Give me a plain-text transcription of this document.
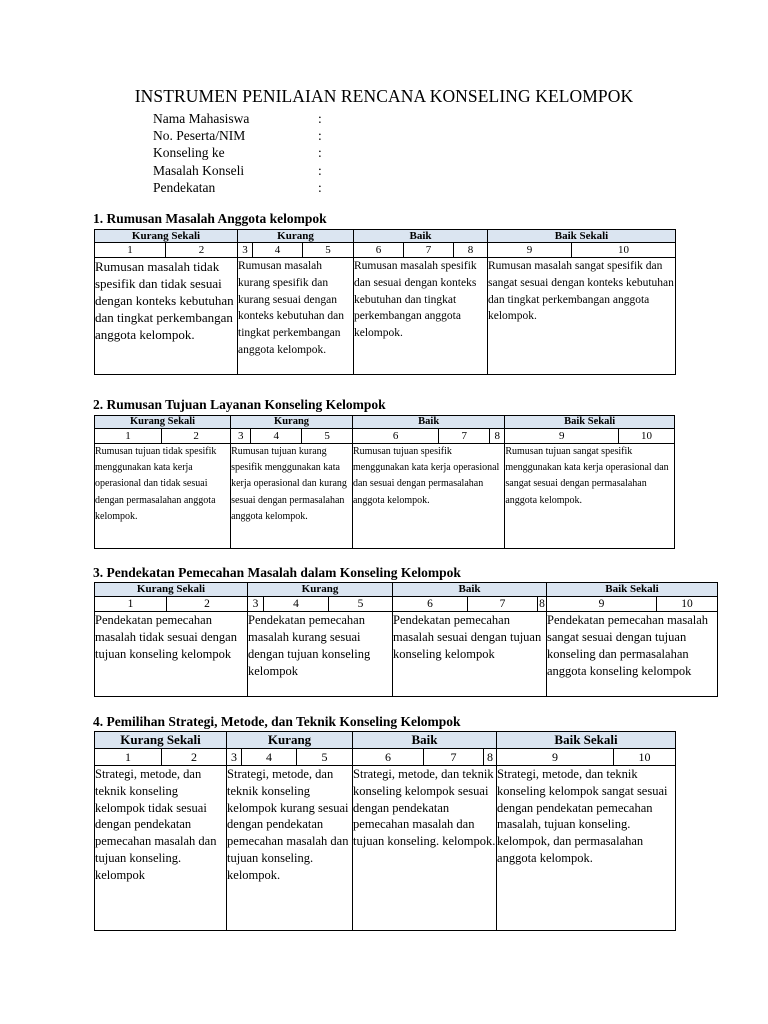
INSTRUMEN PENILAIAN RENCANA KONSELING KELOMPOK
Nama Mahasiswa	:
No. Peserta/NIM	:
Konseling ke	:
Masalah Konseli	:
Pendekatan	:
1. Rumusan Masalah Anggota kelompok
Kurang Sekali		Kurang			Baik			Baik Sekali	
1	2	3	4	5	6	7	8	9	10
Rumusan masalah tidak spesifik dan tidak sesuai dengan konteks kebutuhan dan tingkat perkembangan anggota kelompok.		Rumusan masalah kurang spesifik dan kurang sesuai dengan konteks kebutuhan dan tingkat perkembangan anggota kelompok.			Rumusan masalah spesifik dan sesuai dengan konteks kebutuhan dan tingkat perkembangan anggota kelompok.			Rumusan masalah sangat spesifik dan sangat sesuai dengan konteks kebutuhan dan tingkat perkembangan anggota kelompok.	
2. Rumusan Tujuan Layanan Konseling Kelompok
Kurang Sekali		Kurang			Baik			Baik Sekali	
1	2	3	4	5	6	7	8	9	10
Rumusan tujuan tidak spesifik menggunakan kata kerja operasional dan tidak sesuai dengan permasalahan anggota kelompok.		Rumusan tujuan kurang spesifik menggunakan kata kerja operasional dan kurang sesuai dengan permasalahan anggota kelompok.			Rumusan tujuan spesifik menggunakan kata kerja operasional dan sesuai dengan permasalahan anggota kelompok.			Rumusan tujuan sangat spesifik menggunakan kata kerja operasional dan sangat sesuai dengan permasalahan anggota kelompok.	
3. Pendekatan Pemecahan Masalah dalam Konseling Kelompok
Kurang Sekali		Kurang			Baik			Baik Sekali	
1	2	3	4	5	6	7	8	9	10
Pendekatan pemecahan masalah tidak sesuai dengan tujuan konseling kelompok		Pendekatan pemecahan masalah kurang sesuai dengan tujuan konseling kelompok			Pendekatan pemecahan masalah sesuai dengan tujuan konseling kelompok			Pendekatan pemecahan masalah sangat sesuai dengan tujuan konseling dan permasalahan anggota konseling kelompok	
4. Pemilihan Strategi, Metode, dan Teknik Konseling Kelompok
Kurang Sekali		Kurang			Baik			Baik Sekali	
1	2	3	4	5	6	7	8	9	10
Strategi, metode, dan teknik konseling kelompok tidak sesuai dengan pendekatan pemecahan masalah dan tujuan konseling. kelompok		Strategi, metode, dan teknik konseling kelompok kurang sesuai dengan pendekatan pemecahan masalah dan tujuan konseling. kelompok.			Strategi, metode, dan teknik konseling kelompok sesuai dengan pendekatan pemecahan masalah dan tujuan konseling. kelompok.			Strategi, metode, dan teknik konseling kelompok sangat sesuai dengan pendekatan pemecahan masalah, tujuan konseling. kelompok, dan permasalahan anggota kelompok.	
